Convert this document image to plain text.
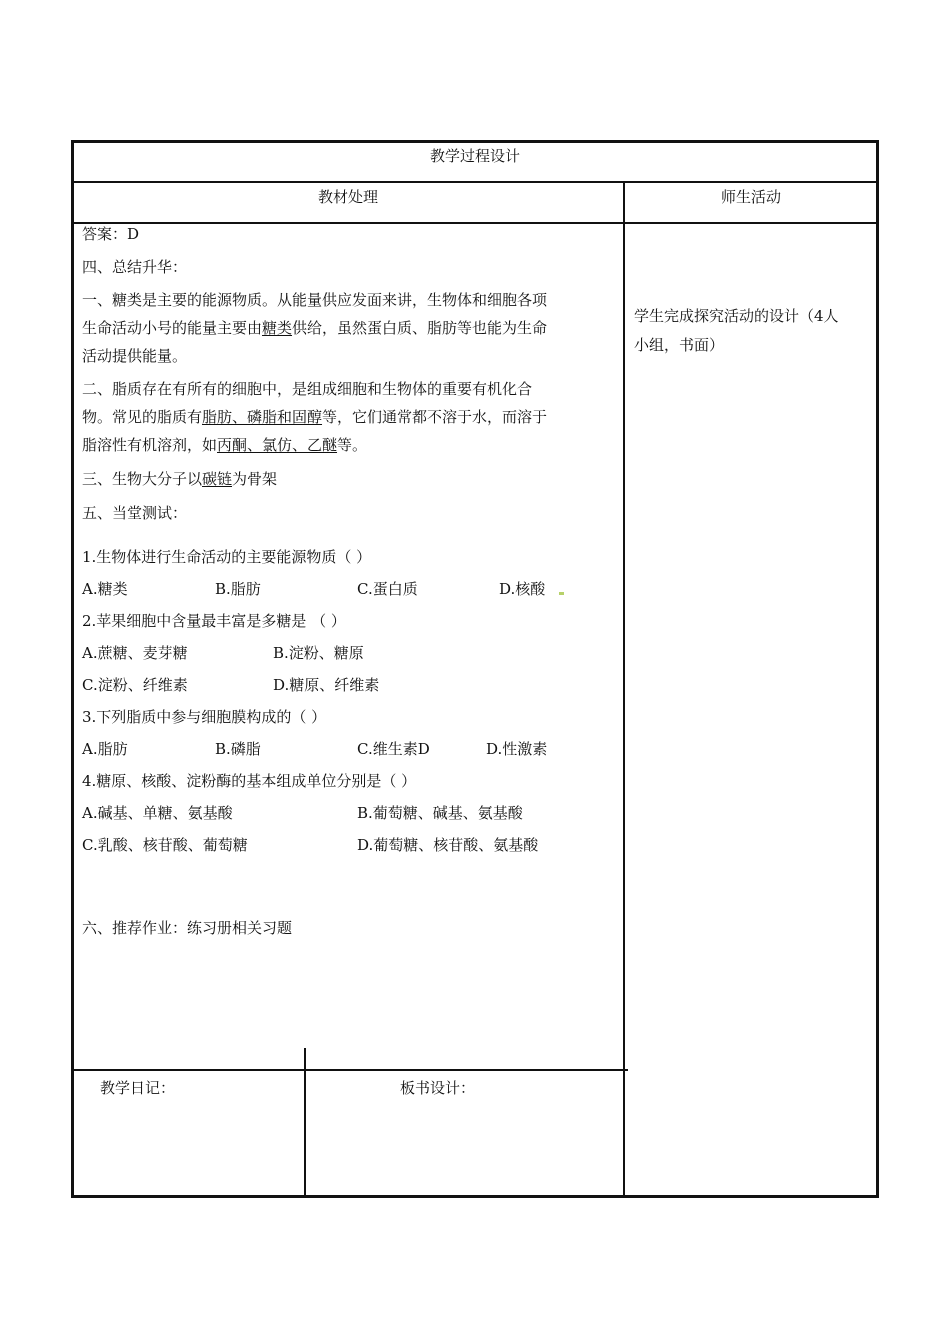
教学过程设计
教材处理	师生活动
答案：D
四、总结升华：
一、糖类是主要的能源物质。从能量供应发面来讲，生物体和细胞各项
生命活动小号的能量主要由糖类供给，虽然蛋白质、脂肪等也能为生命
活动提供能量。
二、脂质存在有所有的细胞中，是组成细胞和生物体的重要有机化合
物。常见的脂质有脂肪、磷脂和固醇等，它们通常都不溶于水，而溶于
脂溶性有机溶剂，如丙酮、氯仿、乙醚等。
三、生物大分子以碳链为骨架
五、当堂测试：
1.生物体进行生命活动的主要能源物质（ ）
A.糖类	B.脂肪	C.蛋白质	D.核酸
2.苹果细胞中含量最丰富是多糖是 （ ）
A.蔗糖、麦芽糖	B.淀粉、糖原
C.淀粉、纤维素	D.糖原、纤维素
3.下列脂质中参与细胞膜构成的（ ）
A.脂肪	B.磷脂	C.维生素D	D.性激素
4.糖原、核酸、淀粉酶的基本组成单位分别是（ ）
A.碱基、单糖、氨基酸	B.葡萄糖、碱基、氨基酸
C.乳酸、核苷酸、葡萄糖	D.葡萄糖、核苷酸、氨基酸
六、推荐作业：练习册相关习题
学生完成探究活动的设计（4人
小组，书面）
教学日记：	板书设计：
